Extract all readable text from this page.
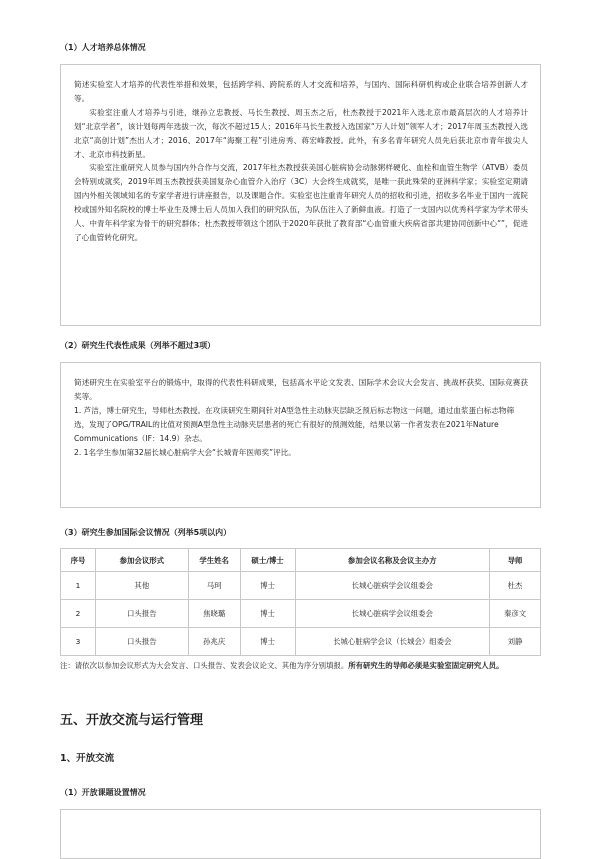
（1）人才培养总体情况

简述实验室人才培养的代表性举措和效果，包括跨学科、跨院系的人才交流和培养，与国内、国际科研机构或企业联合培养创新人才等。

实验室注重人才培养与引进，继孙立忠教授、马长生教授、周玉杰之后，杜杰教授于2021年入选北京市最高层次的人才培养计划“北京学者”，该计划每两年选拔一次，每次不超过15人；2016年马长生教授入选国家“万人计划”领军人才；2017年周玉杰教授入选北京“高创计划”杰出人才；2016、2017年“海聚工程”引进房秀、蒋宏峰教授。此外，有多名青年研究人员先后获北京市青年拔尖人才、北京市科技新星。

实验室注重研究人员参与国内外合作与交流，2017年杜杰教授获美国心脏病协会动脉粥样硬化、血栓和血管生物学（ATVB）委员会特别成就奖，2019年周玉杰教授获美国复杂心血管介入治疗（3C）大会终生成就奖，是唯一获此殊荣的亚洲科学家；实验室定期请国内外相关领域知名的专家学者进行讲座报告，以及课题合作。实验室也注重青年研究人员的招收和引进，招收多名毕业于国内一流院校或国外知名院校的博士毕业生及博士后人员加入我们的研究队伍，为队伍注入了新鲜血液。打造了一支国内以优秀科学家为学术带头人、中青年科学家为骨干的研究群体；杜杰教授带领这个团队于2020年获批了教育部“心血管重大疾病省部共建协同创新中心“”，促进了心血管转化研究。

（2）研究生代表性成果（列举不超过3项）

简述研究生在实验室平台的锻炼中，取得的代表性科研成果，包括高水平论文发表、国际学术会议大会发言、挑战杯获奖、国际竞赛获奖等。

1. 芦洁，博士研究生，导师杜杰教授。在攻读研究生期间针对A型急性主动脉夹层缺乏预后标志物这一问题，通过血浆蛋白标志物筛选，发现了OPG/TRAIL的比值对预测A型急性主动脉夹层患者的死亡有很好的预测效能，结果以第一作者发表在2021年Nature Communications（IF：14.9）杂志。

2. 1名学生参加第32届长城心脏病学大会“长城青年医师奖”评比。

（3）研究生参加国际会议情况（列举5项以内）
序号	参加会议形式	学生姓名	硕士/博士	参加会议名称及会议主办方	导师
1	其他	马珂	博士	长城心脏病学会议组委会	杜杰
2	口头报告	焦晓璐	博士	长城心脏病学会议组委会	秦彦文
3	口头报告	孙兆庆	博士	长城心脏病学会议（长城会）组委会	刘静
注：请依次以参加会议形式为大会发言、口头报告、发表会议论文、其他为序分别填报。所有研究生的导师必须是实验室固定研究人员。
五、开放交流与运行管理
1、开放交流
（1）开放课题设置情况
